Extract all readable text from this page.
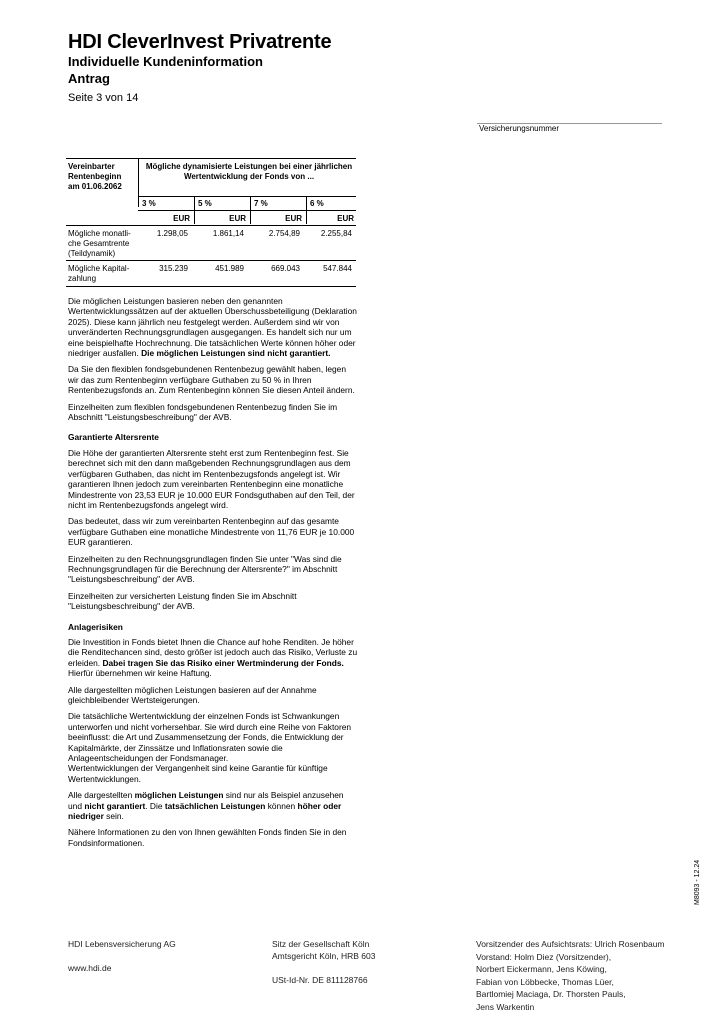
HDI CleverInvest Privatrente
Individuelle Kundeninformation
Antrag
Seite 3 von 14
Versicherungsnummer
Vereinbarter
Rentenbeginn
am 01.06.2062
Mögliche dynamisierte Leistungen bei einer jährlichen
Wertentwicklung der Fonds von ...
3 %	5 %	7 %	6 %
EUR	EUR	EUR	EUR
Mögliche monatli-
che Gesamtrente
(Teildynamik)
1.298,05	1.861,14	2.754,89	2.255,84
Mögliche Kapital-
zahlung
315.239	451.989	669.043	547.844

Die möglichen Leistungen basieren neben den genannten Wertentwicklungssätzen auf der aktuellen Überschussbeteiligung (Deklaration 2025). Diese kann jährlich neu festgelegt werden. Außerdem sind wir von unveränderten Rechnungsgrundlagen ausgegangen. Es handelt sich nur um eine beispielhafte Hochrechnung. Die tatsächlichen Werte können höher oder niedriger ausfallen. Die möglichen Leistungen sind nicht garantiert.

Da Sie den flexiblen fondsgebundenen Rentenbezug gewählt haben, legen wir das zum Rentenbeginn verfügbare Guthaben zu 50 % in Ihren Rentenbezugsfonds an. Zum Rentenbeginn können Sie diesen Anteil ändern.

Einzelheiten zum flexiblen fondsgebundenen Rentenbezug finden Sie im Abschnitt "Leistungsbeschreibung" der AVB.

Garantierte Altersrente

Die Höhe der garantierten Altersrente steht erst zum Rentenbeginn fest. Sie berechnet sich mit den dann maßgebenden Rechnungsgrundlagen aus dem verfügbaren Guthaben, das nicht im Rentenbezugsfonds angelegt ist. Wir garantieren Ihnen jedoch zum vereinbarten Rentenbeginn eine monatliche Mindestrente von 23,53 EUR je 10.000 EUR Fondsguthaben auf den Teil, der nicht im Rentenbezugsfonds angelegt wird.

Das bedeutet, dass wir zum vereinbarten Rentenbeginn auf das gesamte verfügbare Guthaben eine monatliche Mindestrente von 11,76 EUR je 10.000 EUR garantieren.

Einzelheiten zu den Rechnungsgrundlagen finden Sie unter "Was sind die Rechnungsgrundlagen für die Berechnung der Altersrente?" im Abschnitt "Leistungsbeschreibung" der AVB.

Einzelheiten zur versicherten Leistung finden Sie im Abschnitt "Leistungsbeschreibung" der AVB.

Anlagerisiken

Die Investition in Fonds bietet Ihnen die Chance auf hohe Renditen. Je höher die Renditechancen sind, desto größer ist jedoch auch das Risiko, Verluste zu erleiden. Dabei tragen Sie das Risiko einer Wertminderung der Fonds. Hierfür übernehmen wir keine Haftung.

Alle dargestellten möglichen Leistungen basieren auf der Annahme gleichbleibender Wertsteigerungen.

Die tatsächliche Wertentwicklung der einzelnen Fonds ist Schwankungen unterworfen und nicht vorhersehbar. Sie wird durch eine Reihe von Faktoren beeinflusst: die Art und Zusammensetzung der Fonds, die Entwicklung der Kapitalmärkte, der Zinssätze und Inflationsraten sowie die Anlageentscheidungen der Fondsmanager.

Wertentwicklungen der Vergangenheit sind keine Garantie für künftige Wertentwicklungen.

Alle dargestellten möglichen Leistungen sind nur als Beispiel anzusehen und nicht garantiert. Die tatsächlichen Leistungen können höher oder niedriger sein.

Nähere Informationen zu den von Ihnen gewählten Fonds finden Sie in den Fondsinformationen.

M8093 - 12.24
HDI Lebensversicherung AG
www.hdi.de
Sitz der Gesellschaft Köln
Amtsgericht Köln, HRB 603
USt-Id-Nr. DE 811128766
Vorsitzender des Aufsichtsrats: Ulrich Rosenbaum
Vorstand: Holm Diez (Vorsitzender),
Norbert Eickermann, Jens Köwing,
Fabian von Löbbecke, Thomas Lüer,
Bartlomiej Maciaga, Dr. Thorsten Pauls,
Jens Warkentin
